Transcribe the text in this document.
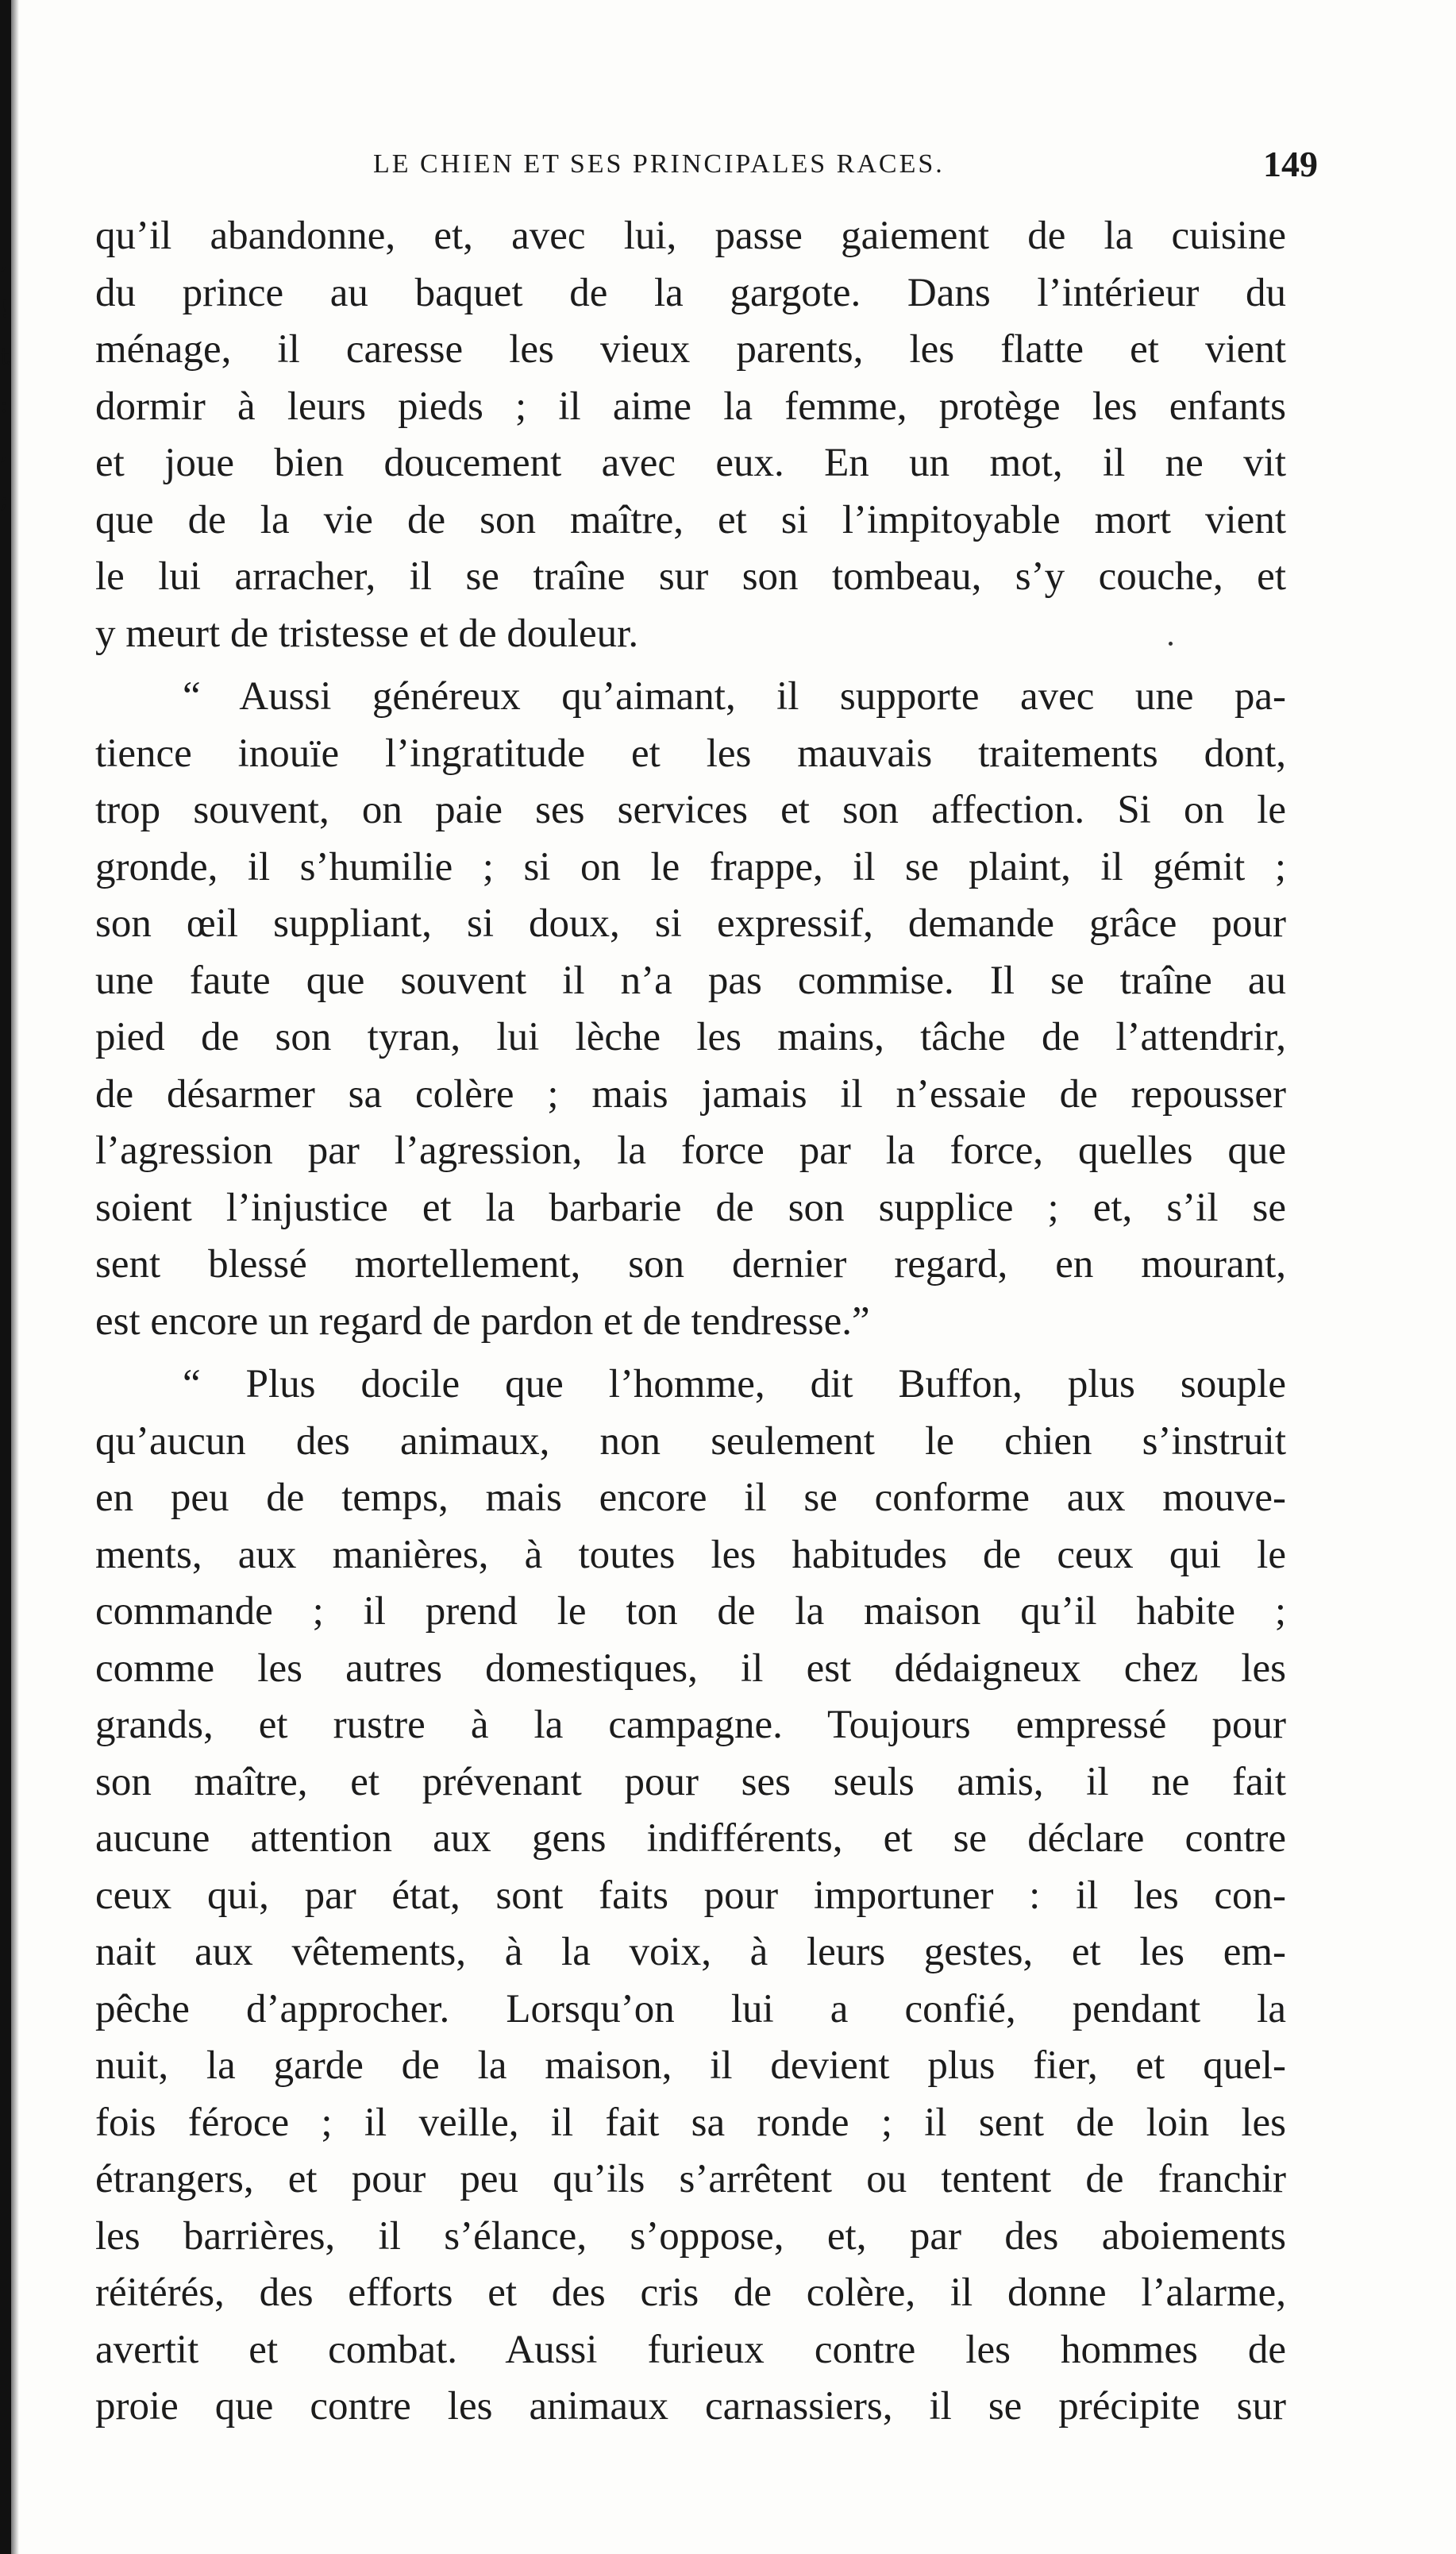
,
!
t
:
,
;
LE CHIEN ET SES PRINCIPALES RACES.	149
qu’il abandonne, et, avec lui, passe gaiement de la cuisine
du prince au baquet de la gargote. Dans l’intérieur du
ménage, il caresse les vieux parents, les flatte et vient
dormir à leurs pieds ; il aime la femme, protège les enfants
et joue bien doucement avec eux. En un mot, il ne vit
que de la vie de son maître, et si l’impitoyable mort vient
le lui arracher, il se traîne sur son tombeau, s’y couche, et
y meurt de tristesse et de douleur.
“ Aussi généreux qu’aimant, il supporte avec une pa-
tience inouïe l’ingratitude et les mauvais traitements dont,
trop souvent, on paie ses services et son affection. Si on le
gronde, il s’humilie ; si on le frappe, il se plaint, il gémit ;
son œil suppliant, si doux, si expressif, demande grâce pour
une faute que souvent il n’a pas commise. Il se traîne au
pied de son tyran, lui lèche les mains, tâche de l’attendrir,
de désarmer sa colère ; mais jamais il n’essaie de repousser
l’agression par l’agression, la force par la force, quelles que
soient l’injustice et la barbarie de son supplice ; et, s’il se
sent blessé mortellement, son dernier regard, en mourant,
est encore un regard de pardon et de tendresse.”
“ Plus docile que l’homme, dit Buffon, plus souple
qu’aucun des animaux, non seulement le chien s’instruit
en peu de temps, mais encore il se conforme aux mouve-
ments, aux manières, à toutes les habitudes de ceux qui le
commande ; il prend le ton de la maison qu’il habite ;
comme les autres domestiques, il est dédaigneux chez les
grands, et rustre à la campagne. Toujours empressé pour
son maître, et prévenant pour ses seuls amis, il ne fait
aucune attention aux gens indifférents, et se déclare contre
ceux qui, par état, sont faits pour importuner : il les con-
nait aux vêtements, à la voix, à leurs gestes, et les em-
pêche d’approcher. Lorsqu’on lui a confié, pendant la
nuit, la garde de la maison, il devient plus fier, et quel-
fois féroce ; il veille, il fait sa ronde ; il sent de loin les
étrangers, et pour peu qu’ils s’arrêtent ou tentent de franchir
les barrières, il s’élance, s’oppose, et, par des aboiements
réitérés, des efforts et des cris de colère, il donne l’alarme,
avertit et combat. Aussi furieux contre les hommes de
proie que contre les animaux carnassiers, il se précipite sur
